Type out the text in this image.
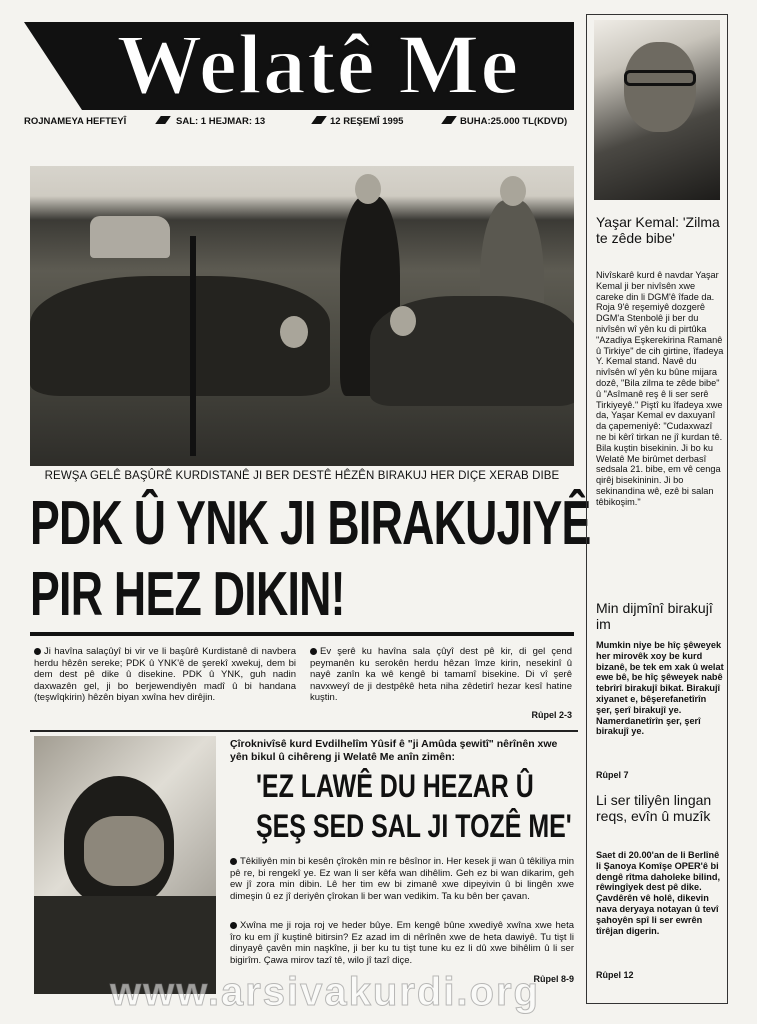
Welatê Me
ROJNAMEYA HEFTEYÎ	SAL: 1 HEJMAR: 13	12 REŞEMÎ 1995	BUHA:25.000 TL(KDVD)
REWŞA GELÊ BAŞÛRÊ KURDISTANÊ JI BER DESTÊ HÊZÊN BIRAKUJ HER DIÇE XERAB DIBE
PDK Û YNK JI BIRAKUJIYÊ
PIR HEZ DIKIN!
Ji havîna salaçûyî bi vir ve li başûrê Kurdistanê di navbera herdu hêzên sereke; PDK û YNK'ê de şerekî xwekuj, dem bi dem dest pê dike û disekine. PDK û YNK, guh nadin daxwazên gel, ji bo berjewendiyên madî û bi handana (teşwîqkirin) hêzên biyan xwîna hev dirêjin.
Ev şerê ku havîna sala çûyî dest pê kir, di gel çend peymanên ku serokên herdu hêzan îmze kirin, nesekinî û nayê zanîn ka wê kengê bi tamamî bisekine. Di vî şerê navxweyî de ji destpêkê heta niha zêdetirî hezar kesî hatine kuştin.
Rûpel 2-3
Çîroknivîsê kurd Evdilhelîm Yûsif ê "ji Amûda şewitî" nêrînên xwe yên bikul û cihêreng ji Welatê Me anîn zimên:
'EZ LAWÊ DU HEZAR Û
ŞEŞ SED SAL JI TOZÊ ME'
Têkiliyên min bi kesên çîrokên min re bêsînor in. Her kesek ji wan û têkiliya min pê re, bi rengekî ye. Ez wan li ser kêfa wan dihêlim. Geh ez bi wan dikarim, geh ew jî zora min dibin. Lê her tim ew bi zimanê xwe dipeyivin û bi lingên xwe dimeşin û ez jî deriyên çîrokan li ber wan vedikim. Ta ku bên ber çavan.
Xwîna me ji roja roj ve heder bûye. Em kengê bûne xwediyê xwîna xwe heta îro ku em jî kuştinê bitirsin? Ez azad im di nêrînên xwe de heta dawiyê. Tu tişt li dinyayê çavên min naşkîne, ji ber ku tu tişt tune ku ez li dû xwe bihêlim û li ser bigirîm. Çawa mirov tazî tê, wilo jî tazî diçe.
Rûpel 8-9
Yaşar Kemal: 'Zilma te zêde bibe'
Nivîskarê kurd ê navdar Yaşar Kemal ji ber nivîsên xwe careke din li DGM'ê îfade da. Roja 9'ê reşemiyê dozgerê DGM'a Stenbolê ji ber du nivîsên wî yên ku di pirtûka "Azadiya Eşkerekirina Ramanê û Tirkiye" de cih girtine, îfadeya Y. Kemal stand. Navê du nivîsên wî yên ku bûne mijara dozê, "Bila zilma te zêde bibe" û "Asîmanê reş ê li ser serê Tirkiyeyê." Piştî ku îfadeya xwe da, Yaşar Kemal ev daxuyanî da çapemeniyê: "Cudaxwazî ne bi kêrî tirkan ne jî kurdan tê. Bila kuştin bisekinin. Ji bo ku Welatê Me birûmet derbasî sedsala 21. bibe, em vê cenga qirêj bisekininin. Ji bo sekinandina wê, ezê bi salan têbikoşim."
Min dijmînî birakujî im
Mumkin niye be hîç şêweyek her mirovêk xoy be kurd bizanê, be tek em xak û welat ewe bê, be hîç şêweyek nabê tebrîrî birakujî bikat. Birakujî xiyanet e, bêşerefanetîrîn şer, şerî birakujî ye. Namerdanetîrîn şer, şerî birakujî ye.
Rûpel 7
Li ser tiliyên lingan reqs, evîn û muzîk
Saet di 20.00'an de li Berlînê li Şanoya Komîşe OPER'ê bi dengê rîtma daholeke bilind, rêwingîyek dest pê dike. Çavdêrên vê holê, dikevin nava deryaya notayan û tevî şahoyên spî li ser ewrên tîrêjan digerin.
Rûpel 12
www.arsivakurdi.org
